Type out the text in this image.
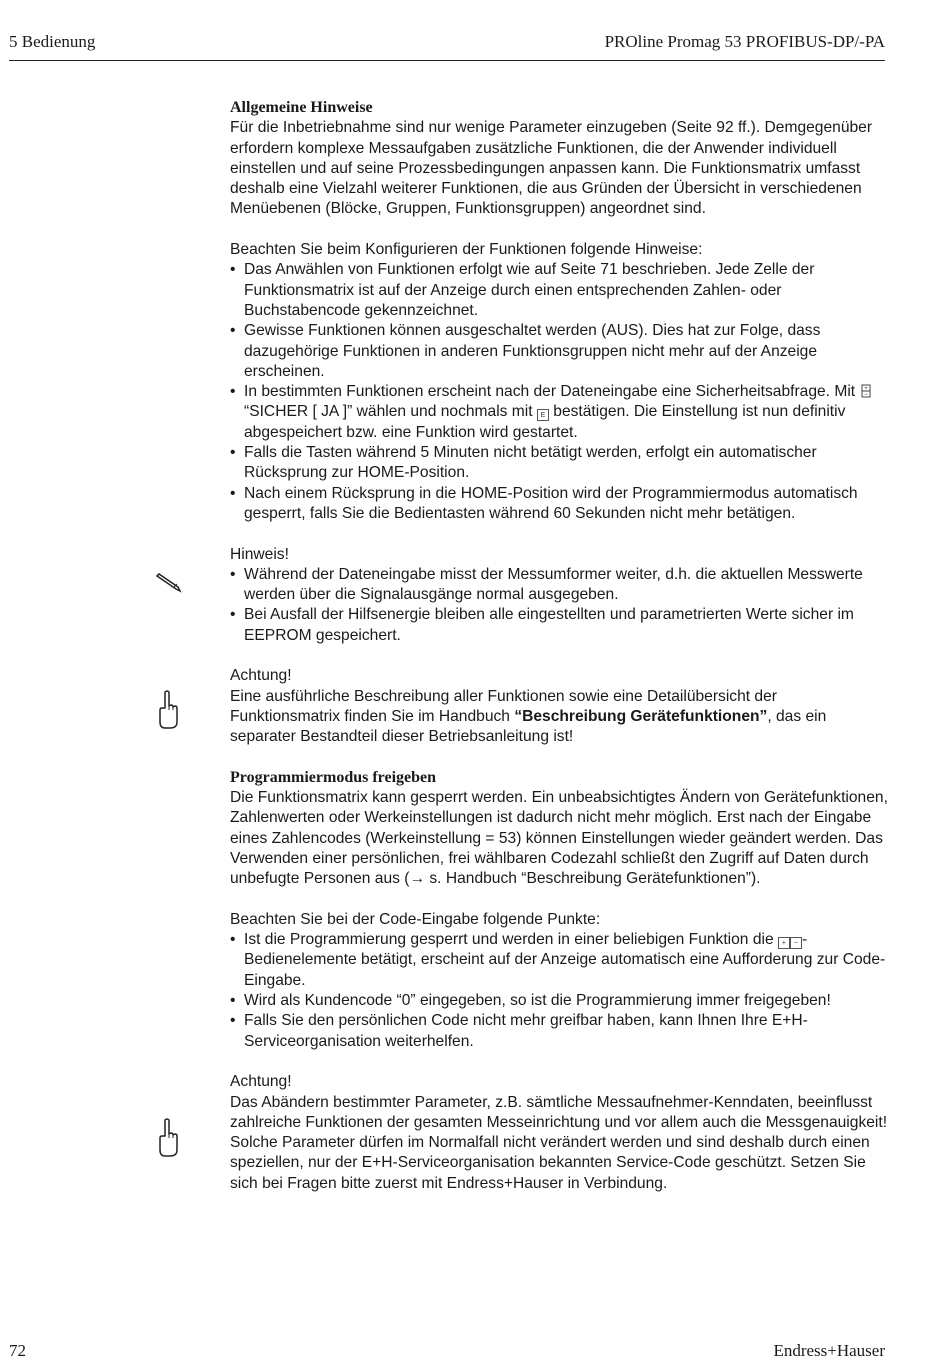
5 Bedienung	PROline Promag 53 PROFIBUS-DP/-PA

Allgemeine Hinweise

Für die Inbetriebnahme sind nur wenige Parameter einzugeben (Seite 92 ff.). Demgegenüber erfordern komplexe Messaufgaben zusätzliche Funktionen, die der Anwender individuell einstellen und auf seine Prozessbedingungen anpassen kann. Die Funktionsmatrix umfasst deshalb eine Vielzahl weiterer Funktionen, die aus Gründen der Übersicht in verschiedenen Menüebenen (Blöcke, Gruppen, Funktionsgruppen) angeordnet sind.

Beachten Sie beim Konfigurieren der Funktionen folgende Hinweise:

• Das Anwählen von Funktionen erfolgt wie auf Seite 71 beschrieben. Jede Zelle der Funktionsmatrix ist auf der Anzeige durch einen entsprechenden Zahlen- oder Buchstabencode gekennzeichnet.
• Gewisse Funktionen können ausgeschaltet werden (AUS). Dies hat zur Folge, dass dazugehörige Funktionen in anderen Funktionsgruppen nicht mehr auf der Anzeige erscheinen.
• In bestimmten Funktionen erscheint nach der Dateneingabe eine Sicherheitsabfrage. Mit +
−
“SICHER [ JA ]” wählen und nochmals mit E bestätigen. Die Einstellung ist nun definitiv abgespeichert bzw. eine Funktion wird gestartet.
• Falls die Tasten während 5 Minuten nicht betätigt werden, erfolgt ein automatischer Rücksprung zur HOME-Position.
• Nach einem Rücksprung in die HOME-Position wird der Programmiermodus automatisch gesperrt, falls Sie die Bedientasten während 60 Sekunden nicht mehr betätigen.

Hinweis!

• Während der Dateneingabe misst der Messumformer weiter, d.h. die aktuellen Messwerte werden über die Signalausgänge normal ausgegeben.
• Bei Ausfall der Hilfsenergie bleiben alle eingestellten und parametrierten Werte sicher im EEPROM gespeichert.

Achtung!

Eine ausführliche Beschreibung aller Funktionen sowie eine Detailübersicht der Funktionsmatrix finden Sie im Handbuch “Beschreibung Gerätefunktionen”, das ein separater Bestandteil dieser Betriebsanleitung ist!

Programmiermodus freigeben

Die Funktionsmatrix kann gesperrt werden. Ein unbeabsichtigtes Ändern von Gerätefunktionen, Zahlenwerten oder Werkeinstellungen ist dadurch nicht mehr möglich. Erst nach der Eingabe eines Zahlencodes (Werkeinstellung = 53) können Einstellungen wieder geändert werden. Das Verwenden einer persönlichen, frei wählbaren Codezahl schließt den Zugriff auf Daten durch unbefugte Personen aus (→ s. Handbuch “Beschreibung Gerätefunktionen”).

Beachten Sie bei der Code-Eingabe folgende Punkte:

• Ist die Programmierung gesperrt und werden in einer beliebigen Funktion die + − -Bedienelemente betätigt, erscheint auf der Anzeige automatisch eine Aufforderung zur Code-Eingabe.
• Wird als Kundencode “0” eingegeben, so ist die Programmierung immer freigegeben!
• Falls Sie den persönlichen Code nicht mehr greifbar haben, kann Ihnen Ihre E+H-Serviceorganisation weiterhelfen.

Achtung!

Das Abändern bestimmter Parameter, z.B. sämtliche Messaufnehmer-Kenndaten, beeinflusst zahlreiche Funktionen der gesamten Messeinrichtung und vor allem auch die Messgenauigkeit! Solche Parameter dürfen im Normalfall nicht verändert werden und sind deshalb durch einen speziellen, nur der E+H-Serviceorganisation bekannten Service-Code geschützt. Setzen Sie sich bei Fragen bitte zuerst mit Endress+Hauser in Verbindung.

72	Endress+Hauser
